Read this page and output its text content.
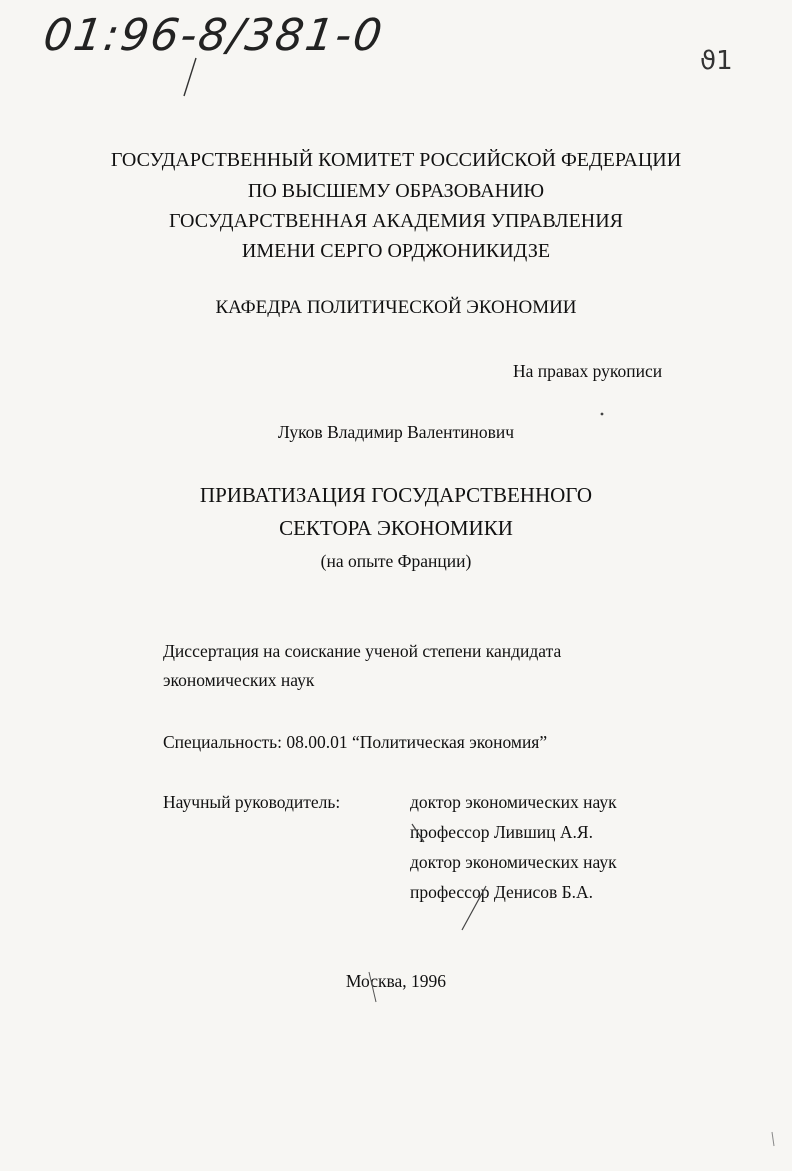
01:96-8/381-0	ϑ1
ГОСУДАРСТВЕННЫЙ КОМИТЕТ РОССИЙСКОЙ ФЕДЕРАЦИИ
ПО ВЫСШЕМУ ОБРАЗОВАНИЮ
ГОСУДАРСТВЕННАЯ АКАДЕМИЯ УПРАВЛЕНИЯ
ИМЕНИ СЕРГО ОРДЖОНИКИДЗЕ
КАФЕДРА ПОЛИТИЧЕСКОЙ ЭКОНОМИИ
На правах рукописи
Луков Владимир Валентинович
ПРИВАТИЗАЦИЯ ГОСУДАРСТВЕННОГО
СЕКТОРА ЭКОНОМИКИ
(на опыте Франции)
Диссертация на соискание ученой степени кандидата
экономических наук
Специальность: 08.00.01 “Политическая экономия”
Научный руководитель:	доктор экономических наук
профессор Лившиц А.Я.
доктор экономических наук
профессор Денисов Б.А.
Москва, 1996
